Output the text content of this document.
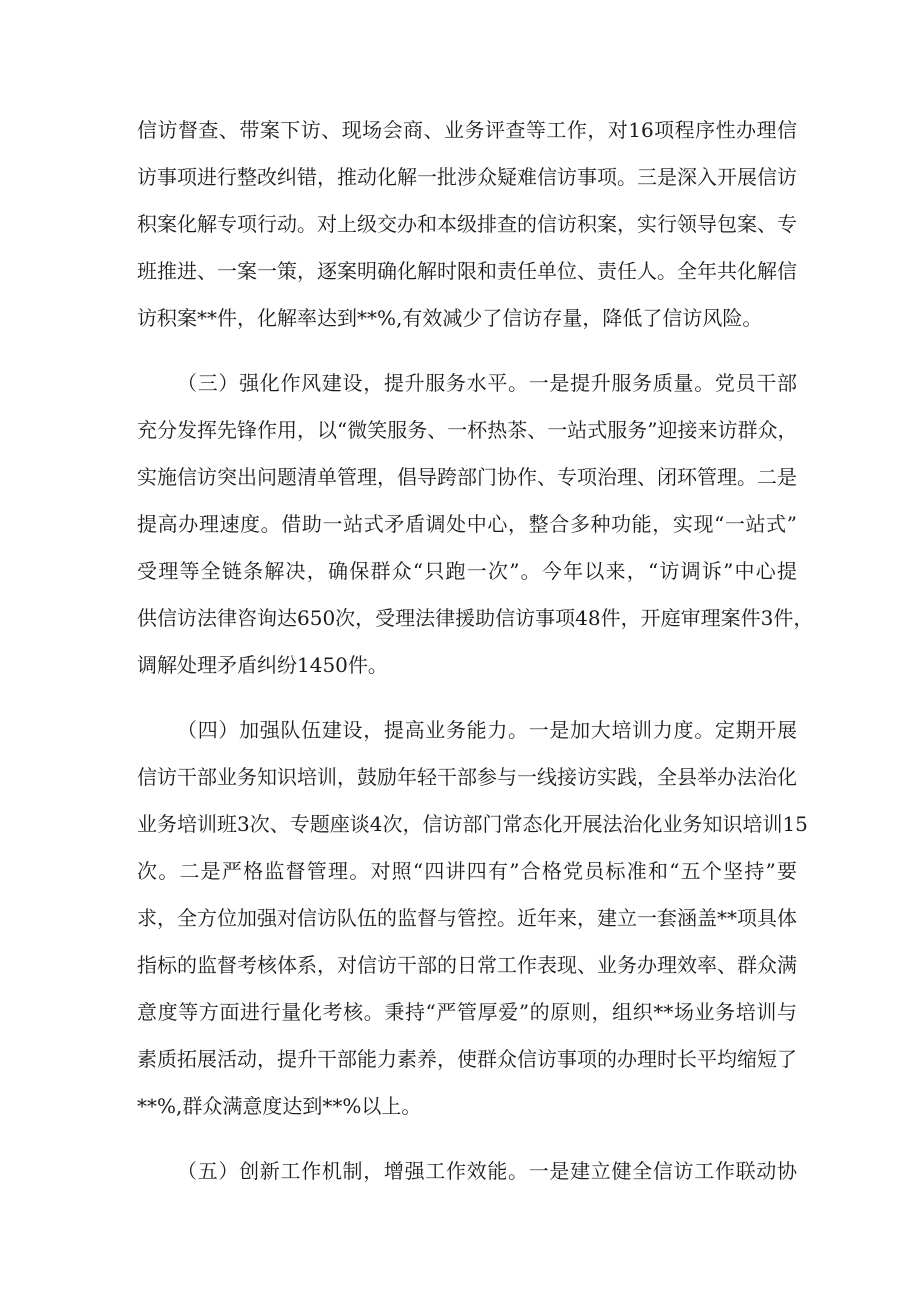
信访督查、带案下访、现场会商、业务评查等工作，对16项程序性办理信
访事项进行整改纠错，推动化解一批涉众疑难信访事项。三是深入开展信访
积案化解专项行动。对上级交办和本级排查的信访积案，实行领导包案、专
班推进、一案一策，逐案明确化解时限和责任单位、责任人。全年共化解信
访积案**件，化解率达到**%,有效减少了信访存量，降低了信访风险。
（三）强化作风建设，提升服务水平。一是提升服务质量。党员干部
充分发挥先锋作用，以“微笑服务、一杯热茶、一站式服务”迎接来访群众，
实施信访突出问题清单管理，倡导跨部门协作、专项治理、闭环管理。二是
提高办理速度。借助一站式矛盾调处中心，整合多种功能，实现“一站式”
受理等全链条解决，确保群众“只跑一次”。今年以来，“访调诉”中心提
供信访法律咨询达650次，受理法律援助信访事项48件，开庭审理案件3件，
调解处理矛盾纠纷1450件。
（四）加强队伍建设，提高业务能力。一是加大培训力度。定期开展
信访干部业务知识培训，鼓励年轻干部参与一线接访实践，全县举办法治化
业务培训班3次、专题座谈4次，信访部门常态化开展法治化业务知识培训15
次。二是严格监督管理。对照“四讲四有”合格党员标准和“五个坚持”要
求，全方位加强对信访队伍的监督与管控。近年来，建立一套涵盖**项具体
指标的监督考核体系，对信访干部的日常工作表现、业务办理效率、群众满
意度等方面进行量化考核。秉持“严管厚爱”的原则，组织**场业务培训与
素质拓展活动，提升干部能力素养，使群众信访事项的办理时长平均缩短了
**%,群众满意度达到**%以上。
（五）创新工作机制，增强工作效能。一是建立健全信访工作联动协
